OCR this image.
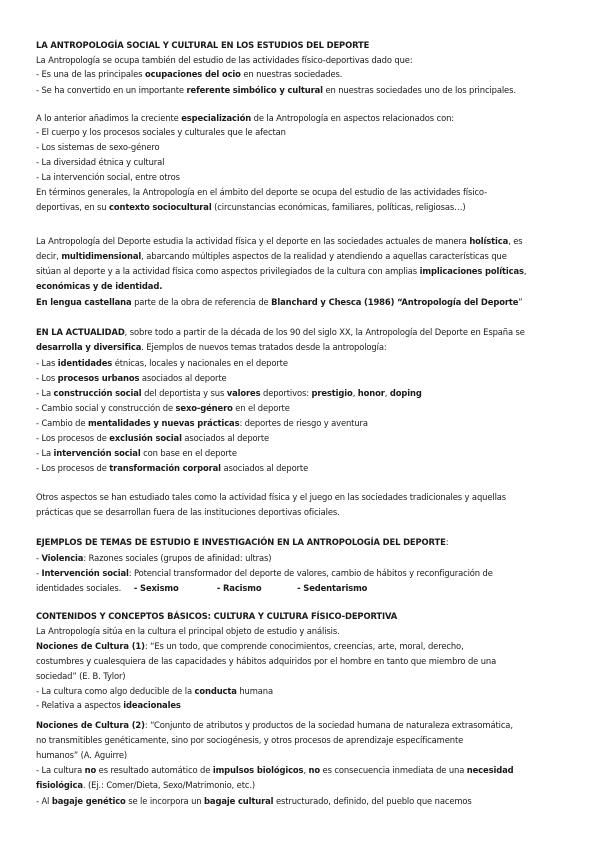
LA ANTROPOLOGÍA SOCIAL Y CULTURAL EN LOS ESTUDIOS DEL DEPORTE
La Antropología se ocupa también del estudio de las actividades físico-deportivas dado que:
- Es una de las principales ocupaciones del ocio en nuestras sociedades.
- Se ha convertido en un importante referente simbólico y cultural en nuestras sociedades uno de los principales.
A lo anterior añadimos la creciente especialización de la Antropología en aspectos relacionados con:
- El cuerpo y los procesos sociales y culturales que le afectan
- Los sistemas de sexo-género
- La diversidad étnica y cultural
- La intervención social, entre otros
En términos generales, la Antropología en el ámbito del deporte se ocupa del estudio de las actividades físico-
deportivas, en su contexto sociocultural (circunstancias económicas, familiares, políticas, religiosas…)
La Antropología del Deporte estudia la actividad física y el deporte en las sociedades actuales de manera holística, es
decir, multidimensional, abarcando múltiples aspectos de la realidad y atendiendo a aquellas características que
sitúan al deporte y a la actividad física como aspectos privilegiados de la cultura con amplias implicaciones políticas,
económicas y de identidad.
En lengua castellana parte de la obra de referencia de Blanchard y Chesca (1986) “Antropología del Deporte”
EN LA ACTUALIDAD, sobre todo a partir de la década de los 90 del siglo XX, la Antropología del Deporte en España se
desarrolla y diversifica. Ejemplos de nuevos temas tratados desde la antropología:
- Las identidades étnicas, locales y nacionales en el deporte
- Los procesos urbanos asociados al deporte
- La construcción social del deportista y sus valores deportivos: prestigio, honor, doping
- Cambio social y construcción de sexo-género en el deporte
- Cambio de mentalidades y nuevas prácticas: deportes de riesgo y aventura
- Los procesos de exclusión social asociados al deporte
- La intervención social con base en el deporte
- Los procesos de transformación corporal asociados al deporte
Otros aspectos se han estudiado tales como la actividad física y el juego en las sociedades tradicionales y aquellas
prácticas que se desarrollan fuera de las instituciones deportivas oficiales.
EJEMPLOS DE TEMAS DE ESTUDIO E INVESTIGACIÓN EN LA ANTROPOLOGÍA DEL DEPORTE:
- Violencia: Razones sociales (grupos de afinidad: ultras)
- Intervención social: Potencial transformador del deporte de valores, cambio de hábitos y reconfiguración de
identidades sociales.     - Sexismo	- Racismo	- Sedentarismo
CONTENIDOS Y CONCEPTOS BÁSICOS: CULTURA Y CULTURA FÍSICO-DEPORTIVA
La Antropología sitúa en la cultura el principal objeto de estudio y análisis.
Nociones de Cultura (1): “Es un todo, que comprende conocimientos, creencias, arte, moral, derecho,
costumbres y cualesquiera de las capacidades y hábitos adquiridos por el hombre en tanto que miembro de una
sociedad” (E. B. Tylor)
- La cultura como algo deducible de la conducta humana
- Relativa a aspectos ideacionales
Nociones de Cultura (2): “Conjunto de atributos y productos de la sociedad humana de naturaleza extrasomática,
no transmitibles genéticamente, sino por sociogénesis, y otros procesos de aprendizaje específicamente
humanos” (A. Aguirre)
- La cultura no es resultado automático de impulsos biológicos, no es consecuencia inmediata de una necesidad
fisiológica. (Ej.: Comer/Dieta, Sexo/Matrimonio, etc.)
- Al bagaje genético se le incorpora un bagaje cultural estructurado, definido, del pueblo que nacemos
